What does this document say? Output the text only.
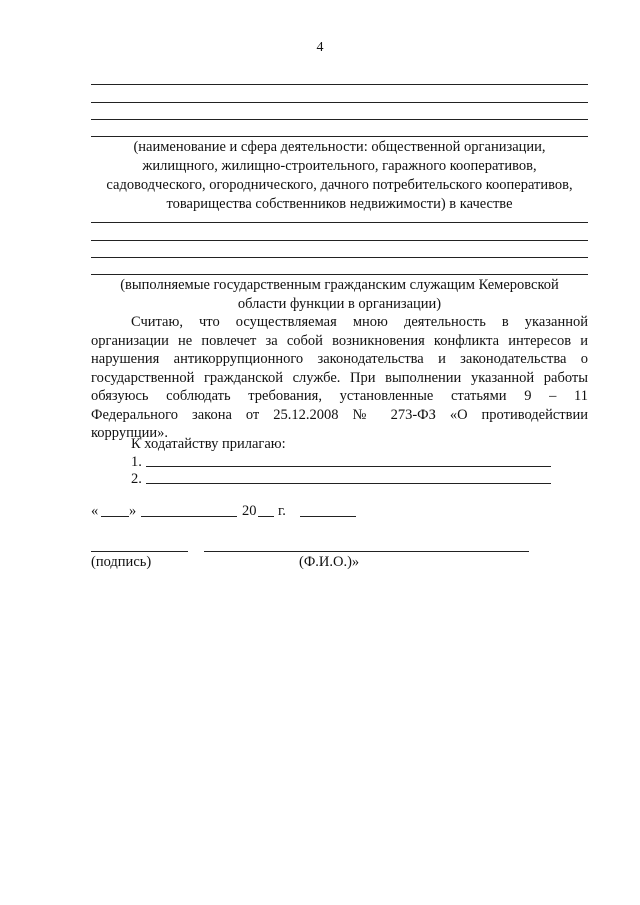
4
(наименование и сфера деятельности: общественной организации,
жилищного, жилищно-строительного, гаражного кооперативов,
садоводческого, огороднического, дачного потребительского кооперативов,
товарищества собственников недвижимости) в качестве
(выполняемые государственным гражданским служащим Кемеровской
области функции в организации)
Считаю, что осуществляемая мною деятельность в указанной
организации не повлечет за собой возникновения конфликта интересов и
нарушения антикоррупционного законодательства и законодательства о
государственной гражданской службе. При выполнении указанной работы
обязуюсь соблюдать требования, установленные статьями 9 – 11
Федерального закона от 25.12.2008 № 273-ФЗ «О противодействии
коррупции».
К ходатайству прилагаю:
1.
2.
« »	20 г.
(подпись)	(Ф.И.О.)»
